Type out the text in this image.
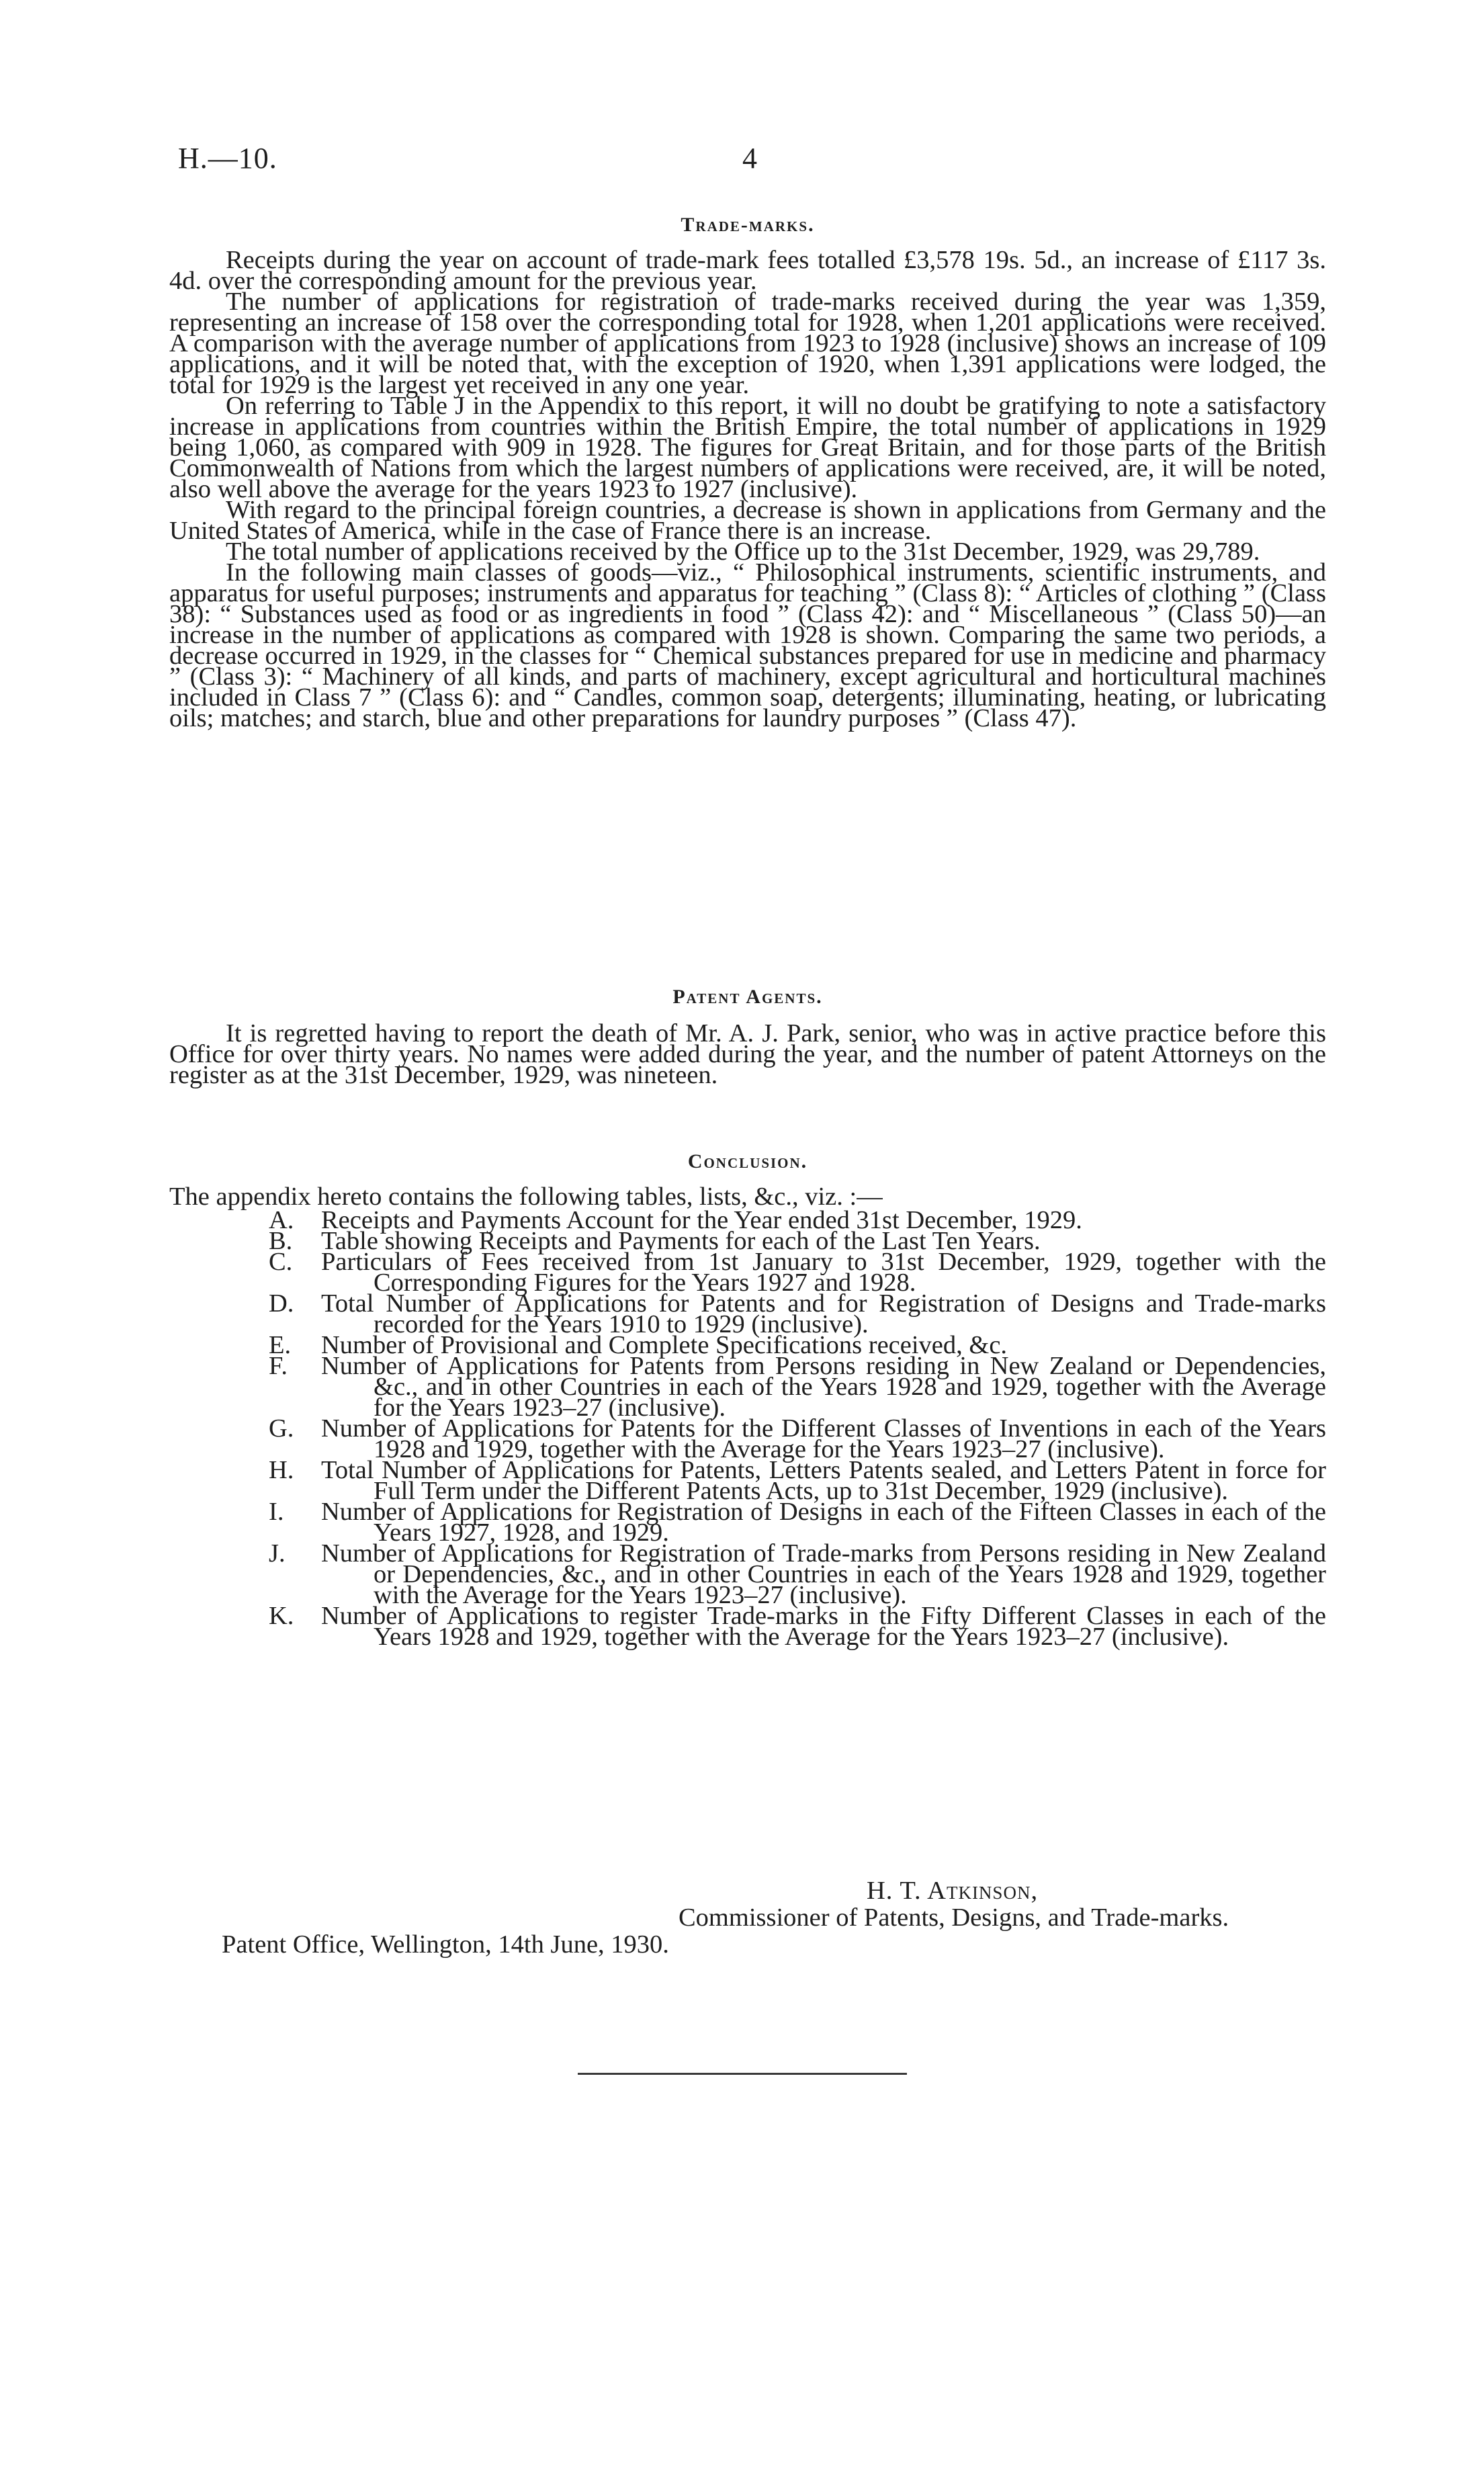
H.—10.	4
Trade-marks.

Receipts during the year on account of trade-mark fees totalled £3,578 19s. 5d., an increase of £117 3s. 4d. over the corresponding amount for the previous year.

The number of applications for registration of trade-marks received during the year was 1,359, representing an increase of 158 over the corresponding total for 1928, when 1,201 applications were received. A comparison with the average number of applications from 1923 to 1928 (inclusive) shows an increase of 109 applications, and it will be noted that, with the exception of 1920, when 1,391 applications were lodged, the total for 1929 is the largest yet received in any one year.

On referring to Table J in the Appendix to this report, it will no doubt be gratifying to note a satisfactory increase in applications from countries within the British Empire, the total number of applications in 1929 being 1,060, as compared with 909 in 1928. The figures for Great Britain, and for those parts of the British Commonwealth of Nations from which the largest numbers of applications were received, are, it will be noted, also well above the average for the years 1923 to 1927 (inclusive).

With regard to the principal foreign countries, a decrease is shown in applications from Germany and the United States of America, while in the case of France there is an increase.

The total number of applications received by the Office up to the 31st December, 1929, was 29,789.

In the following main classes of goods—viz., “ Philosophical instruments, scientific instruments, and apparatus for useful purposes; instruments and apparatus for teaching ” (Class 8): “ Articles of clothing ” (Class 38): “ Substances used as food or as ingredients in food ” (Class 42): and “ Miscellaneous ” (Class 50)—an increase in the number of applications as compared with 1928 is shown. Comparing the same two periods, a decrease occurred in 1929, in the classes for “ Chemical substances prepared for use in medicine and pharmacy ” (Class 3): “ Machinery of all kinds, and parts of machinery, except agricultural and horticultural machines included in Class 7 ” (Class 6): and “ Candles, common soap, detergents; illuminating, heating, or lubricating oils; matches; and starch, blue and other preparations for laundry purposes ” (Class 47).

Patent Agents.

It is regretted having to report the death of Mr. A. J. Park, senior, who was in active practice before this Office for over thirty years. No names were added during the year, and the number of patent Attorneys on the register as at the 31st December, 1929, was nineteen.

Conclusion.

The appendix hereto contains the following tables, lists, &c., viz. :—

A. Receipts and Payments Account for the Year ended 31st December, 1929.
B. Table showing Receipts and Payments for each of the Last Ten Years.
C. Particulars of Fees received from 1st January to 31st December, 1929, together with the Corresponding Figures for the Years 1927 and 1928.
D. Total Number of Applications for Patents and for Registration of Designs and Trade-marks recorded for the Years 1910 to 1929 (inclusive).
E. Number of Provisional and Complete Specifications received, &c.
F. Number of Applications for Patents from Persons residing in New Zealand or Dependencies, &c., and in other Countries in each of the Years 1928 and 1929, together with the Average for the Years 1923–27 (inclusive).
G. Number of Applications for Patents for the Different Classes of Inventions in each of the Years 1928 and 1929, together with the Average for the Years 1923–27 (inclusive).
H. Total Number of Applications for Patents, Letters Patents sealed, and Letters Patent in force for Full Term under the Different Patents Acts, up to 31st December, 1929 (inclusive).
I. Number of Applications for Registration of Designs in each of the Fifteen Classes in each of the Years 1927, 1928, and 1929.
J. Number of Applications for Registration of Trade-marks from Persons residing in New Zealand or Dependencies, &c., and in other Countries in each of the Years 1928 and 1929, together with the Average for the Years 1923–27 (inclusive).
K. Number of Applications to register Trade-marks in the Fifty Different Classes in each of the Years 1928 and 1929, together with the Average for the Years 1923–27 (inclusive).
H. T. Atkinson,
Commissioner of Patents, Designs, and Trade-marks.
Patent Office, Wellington, 14th June, 1930.
